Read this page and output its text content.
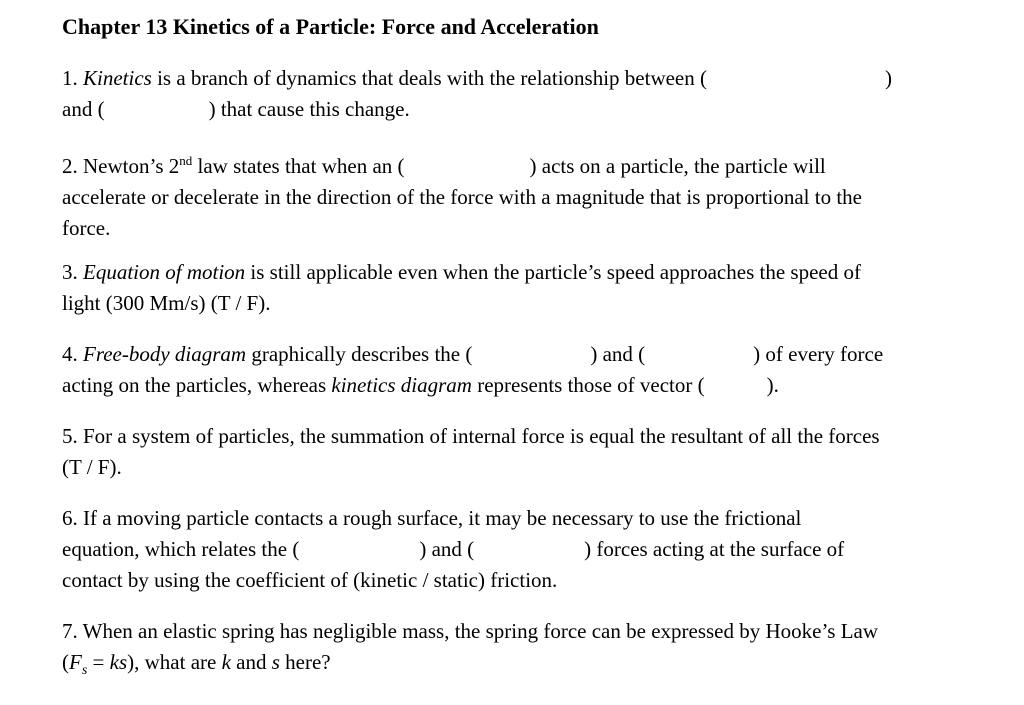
Chapter 13 Kinetics of a Particle: Force and Acceleration

1. Kinetics is a branch of dynamics that deals with the relationship between (	)

and (	) that cause this change.

2. Newton’s 2nd law states that when an (	) acts on a particle, the particle will

accelerate or decelerate in the direction of the force with a magnitude that is proportional to the

force.

3. Equation of motion is still applicable even when the particle’s speed approaches the speed of

light (300 Mm/s) (T / F).

4. Free-body diagram graphically describes the (	) and (	) of every force

acting on the particles, whereas kinetics diagram represents those of vector (	).

5. For a system of particles, the summation of internal force is equal the resultant of all the forces

(T / F).

6. If a moving particle contacts a rough surface, it may be necessary to use the frictional

equation, which relates the (	) and (	) forces acting at the surface of

contact by using the coefficient of (kinetic / static) friction.

7. When an elastic spring has negligible mass, the spring force can be expressed by Hooke’s Law

$(F_s = ks)$, what are k and s here?
